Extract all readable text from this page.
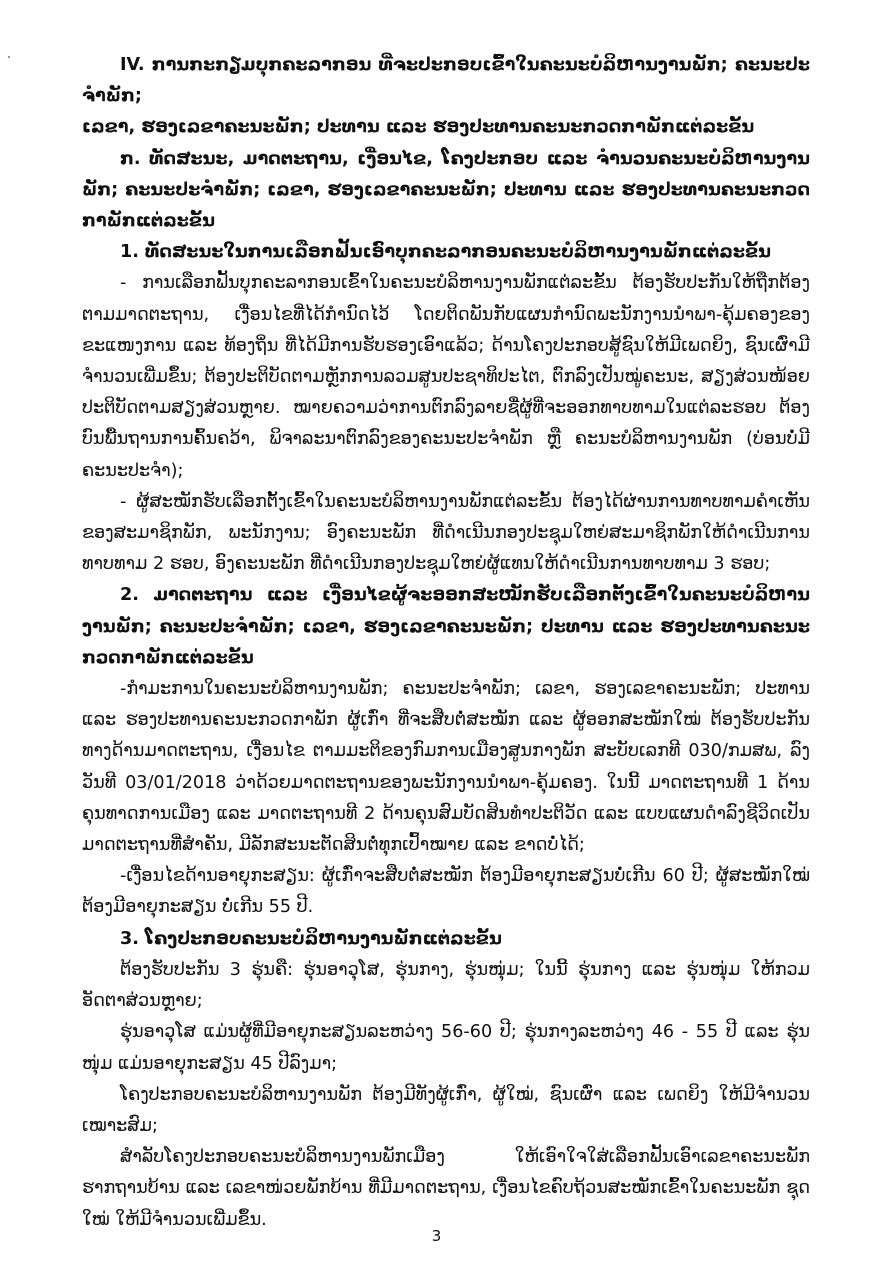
IV. ການກະກຽມບຸກຄະລາກອນ ທີ່ຈະປະກອບເຂົ້າໃນຄະນະບໍລິຫານງານພັກ; ຄະນະປະຈໍາພັກ;

ເລຂາ, ຮອງເລຂາຄະນະພັກ; ປະທານ ແລະ ຮອງປະທານຄະນະກວດກາພັກແຕ່ລະຂັ້ນ

ກ. ທັດສະນະ, ມາດຕະຖານ, ເງື່ອນໄຂ, ໂຄງປະກອບ ແລະ ຈໍານວນຄະນະບໍລິຫານງານພັກ; ຄະນະປະຈໍາພັກ; ເລຂາ, ຮອງເລຂາຄະນະພັກ; ປະທານ ແລະ ຮອງປະທານຄະນະກວດກາພັກແຕ່ລະຂັ້ນ

1. ທັດສະນະໃນການເລືອກຟັ້ນເອົາບຸກຄະລາກອນຄະນະບໍລິຫານງານພັກແຕ່ລະຂັ້ນ

- ການເລືອກຟັ້ນບຸກຄະລາກອນເຂົ້າໃນຄະນະບໍລິຫານງານພັກແຕ່ລະຂັ້ນ ຕ້ອງຮັບປະກັນໃຫ້ຖືກຕ້ອງຕາມມາດຕະຖານ, ເງື່ອນໄຂທີ່ໄດ້ກໍານົດໄວ້ ໂດຍຕິດພັນກັບແຜນກໍານົດພະນັກງານນໍາພາ-ຄຸ້ມຄອງຂອງຂະແໜງການ ແລະ ທ້ອງຖິ່ນ ທີ່ໄດ້ມີການຮັບຮອງເອົາແລ້ວ; ດ້ານໂຄງປະກອບສູ້ຊົນໃຫ້ມີເພດຍິງ, ຊົນເຜົ່າມີຈໍານວນເພີ່ມຂຶ້ນ; ຕ້ອງປະຕິບັດຕາມຫຼັກການລວມສູນປະຊາທິປະໄຕ, ຕົກລົງເປັນໝູ່ຄະນະ, ສຽງສ່ວນໜ້ອຍປະຕິບັດຕາມສຽງສ່ວນຫຼາຍ. ໝາຍຄວາມວ່າການຕົກລົງລາຍຊື່ຜູ້ທີ່ຈະອອກທາບທາມໃນແຕ່ລະຮອບ ຕ້ອງບົນພື້ນຖານການຄົ້ນຄວ້າ, ພິຈາລະນາຕົກລົງຂອງຄະນະປະຈໍາພັກ ຫຼື ຄະນະບໍລິຫານງານພັກ (ບ່ອນບໍ່ມີຄະນະປະຈໍາ);

- ຜູ້ສະໝັກຮັບເລືອກຕັ້ງເຂົ້າໃນຄະນະບໍລິຫານງານພັກແຕ່ລະຂັ້ນ ຕ້ອງໄດ້ຜ່ານການທາບທາມຄໍາເຫັນຂອງສະມາຊິກພັກ, ພະນັກງານ; ອົງຄະນະພັກ ທີ່ດໍາເນີນກອງປະຊຸມໃຫຍ່ສະມາຊິກພັກໃຫ້ດໍາເນີນການທາບທາມ 2 ຮອບ, ອົງຄະນະພັກ ທີ່ດໍາເນີນກອງປະຊຸມໃຫຍ່ຜູ້ແທນໃຫ້ດໍາເນີນການທາບທາມ 3 ຮອບ;

2. ມາດຕະຖານ ແລະ ເງື່ອນໄຂຜູ້ຈະອອກສະໝັກຮັບເລືອກຕັ້ງເຂົ້າໃນຄະນະບໍລິຫານງານພັກ; ຄະນະປະຈໍາພັກ; ເລຂາ, ຮອງເລຂາຄະນະພັກ; ປະທານ ແລະ ຮອງປະທານຄະນະກວດກາພັກແຕ່ລະຂັ້ນ

-ກໍາມະການໃນຄະນະບໍລິຫານງານພັກ; ຄະນະປະຈໍາພັກ; ເລຂາ, ຮອງເລຂາຄະນະພັກ; ປະທານ ແລະ ຮອງປະທານຄະນະກວດກາພັກ ຜູ້ເກົ່າ ທີ່ຈະສືບຕໍ່ສະໝັກ ແລະ ຜູ້ອອກສະໝັກໃໝ່ ຕ້ອງຮັບປະກັນທາງດ້ານມາດຕະຖານ, ເງື່ອນໄຂ ຕາມມະຕິຂອງກົມການເມືອງສູນກາງພັກ ສະບັບເລກທີ 030/ກມສພ, ລົງວັນທີ 03/01/2018 ວ່າດ້ວຍມາດຕະຖານຂອງພະນັກງານນໍາພາ-ຄຸ້ມຄອງ. ໃນນີ້ ມາດຕະຖານທີ 1 ດ້ານຄຸນທາດການເມືອງ ແລະ ມາດຕະຖານທີ 2 ດ້ານຄຸນສົມບັດສິນທໍາປະຕິວັດ ແລະ ແບບແຜນດໍາລົງຊີວິດເປັນມາດຕະຖານທີ່ສໍາຄັນ, ມີລັກສະນະຕັດສິນຕໍ່ທຸກເປົ້າໝາຍ ແລະ ຂາດບໍ່ໄດ້;

-ເງື່ອນໄຂດ້ານອາຍຸກະສຽນ: ຜູ້ເກົ່າຈະສືບຕໍ່ສະໝັກ ຕ້ອງມີອາຍຸກະສຽນບໍ່ເກີນ 60 ປີ; ຜູ້ສະໝັກໃໝ່ ຕ້ອງມີອາຍຸກະສຽນ ບໍ່ເກີນ 55 ປີ.

3. ໂຄງປະກອບຄະນະບໍລິຫານງານພັກແຕ່ລະຂັ້ນ

ຕ້ອງຮັບປະກັນ 3 ຮຸ່ນຄື: ຮຸ່ນອາວຸໂສ, ຮຸ່ນກາງ, ຮຸ່ນໜຸ່ມ; ໃນນີ້ ຮຸ່ນກາງ ແລະ ຮຸ່ນໜຸ່ມ ໃຫ້ກວມອັດຕາສ່ວນຫຼາຍ;

ຮຸ່ນອາວຸໂສ ແມ່ນຜູ້ທີ່ມີອາຍຸກະສຽນລະຫວ່າງ 56-60 ປີ; ຮຸ່ນກາງລະຫວ່າງ 46 - 55 ປີ ແລະ ຮຸ່ນໜຸ່ມ ແມ່ນອາຍຸກະສຽນ 45 ປີລົງມາ;

ໂຄງປະກອບຄະນະບໍລິຫານງານພັກ ຕ້ອງມີທັງຜູ້ເກົ່າ, ຜູ້ໃໝ່, ຊົນເຜົ່າ ແລະ ເພດຍິງ ໃຫ້ມີຈໍານວນເໝາະສົມ;

ສໍາລັບໂຄງປະກອບຄະນະບໍລິຫານງານພັກເມືອງ ໃຫ້ເອົາໃຈໃສ່ເລືອກຟັ້ນເອົາເລຂາຄະນະພັກຮາກຖານບ້ານ ແລະ ເລຂາໜ່ວຍພັກບ້ານ ທີ່ມີມາດຕະຖານ, ເງື່ອນໄຂຄົບຖ້ວນສະໝັກເຂົ້າໃນຄະນະພັກ ຊຸດໃໝ່ ໃຫ້ມີຈໍານວນເພີ່ມຂຶ້ນ.

3
